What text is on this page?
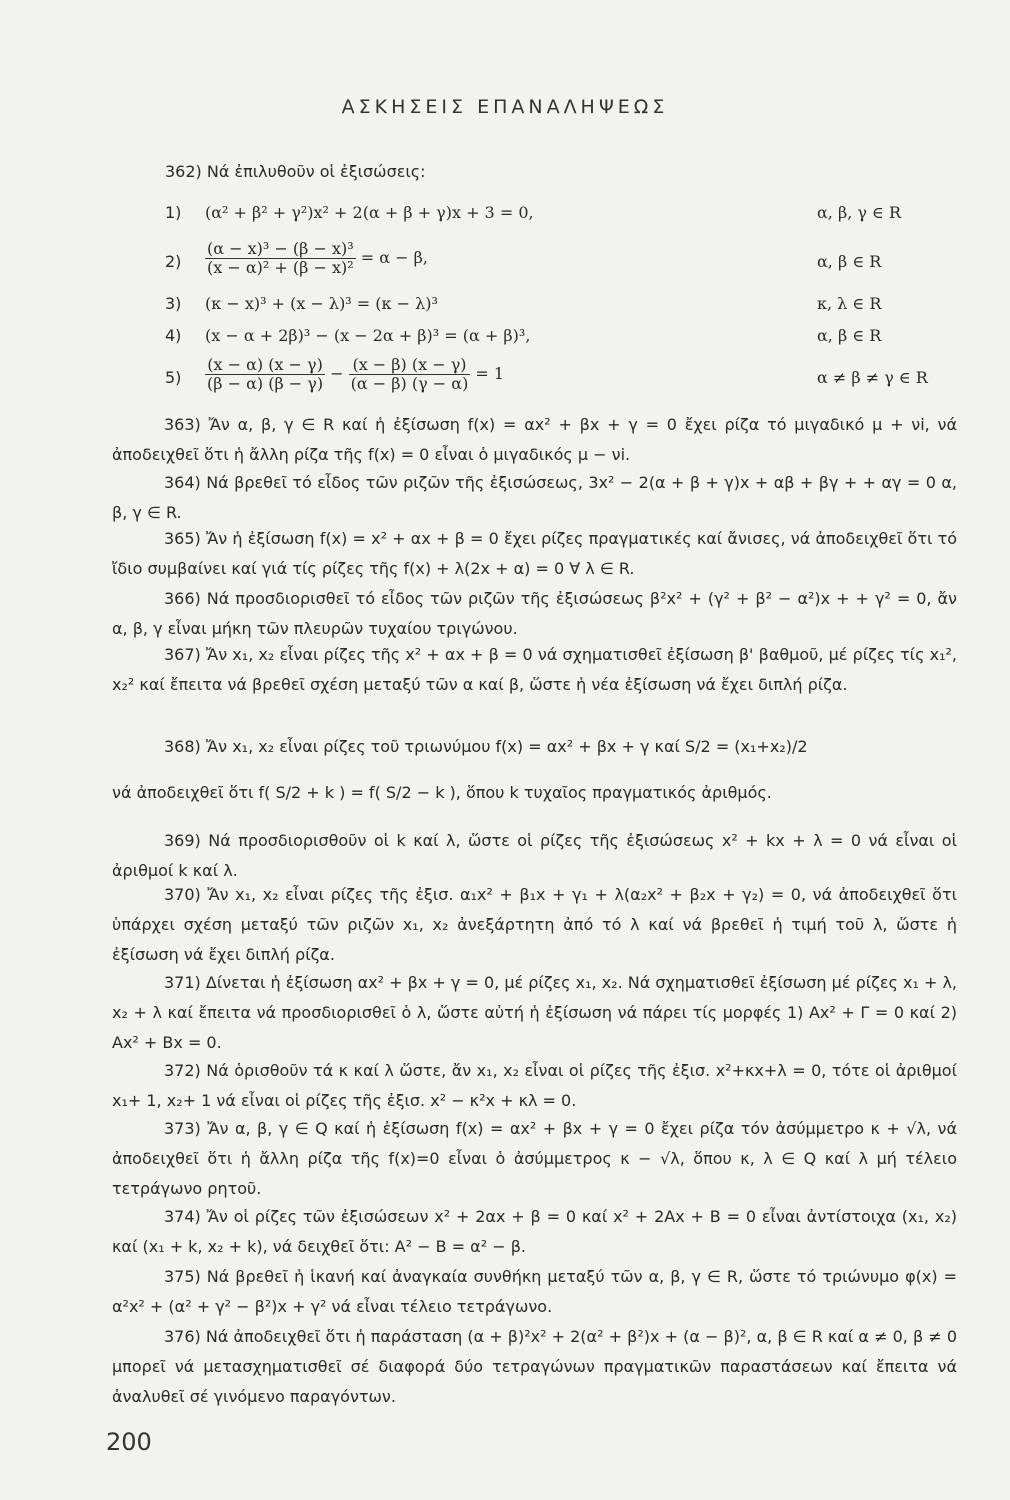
ΑΣΚΗΣΕΙΣ ΕΠΑΝΑΛΗΨΕΩΣ
362) Νά ἐπιλυθοῦν οἱ ἐξισώσεις:
1) (α² + β² + γ²)x² + 2(α + β + γ)x + 3 = 0,	α, β, γ ∈ R
$2) \frac{\text{(α − x)³ − (β − x)³}}{\text{(x − α)² + (β − x)²}} = \alpha - \beta$,	α, β ∈ R
3) (κ − x)³ + (x − λ)³ = (κ − λ)³	κ, λ ∈ R
4) (x − α + 2β)³ − (x − 2α + β)³ = (α + β)³,	α, β ∈ R
$5) \frac{(x - \alpha) (x - \gamma)}{(\beta - \alpha) (\beta - \gamma)} - \frac{(x - \beta) (x - \gamma)}{(\alpha - \beta) (\gamma - \alpha)} = 1$	α ≠ β ≠ γ ∈ R
363) Ἄν α, β, γ ∈ R καί ἡ ἐξίσωση f(x) = αx² + βx + γ = 0 ἔχει ρίζα τό μιγαδικό μ + νi, νά ἀποδειχθεῖ ὅτι ἡ ἄλλη ρίζα τῆς f(x) = 0 εἶναι ὁ μιγαδικός μ − νi.
364) Νά βρεθεῖ τό εἶδος τῶν ριζῶν τῆς ἐξισώσεως, 3x² − 2(α + β + γ)x + αβ + βγ + + αγ = 0 α, β, γ ∈ R.
365) Ἄν ἡ ἐξίσωση f(x) = x² + αx + β = 0 ἔχει ρίζες πραγματικές καί ἄνισες, νά ἀποδειχθεῖ ὅτι τό ἴδιο συμβαίνει καί γιά τίς ρίζες τῆς f(x) + λ(2x + α) = 0 ∀ λ ∈ R.
366) Νά προσδιορισθεῖ τό εἶδος τῶν ριζῶν τῆς ἐξισώσεως β²x² + (γ² + β² − α²)x + + γ² = 0, ἄν α, β, γ εἶναι μήκη τῶν πλευρῶν τυχαίου τριγώνου.
367) Ἄν x₁, x₂ εἶναι ρίζες τῆς x² + αx + β = 0 νά σχηματισθεῖ ἐξίσωση β' βαθμοῦ, μέ ρίζες τίς x₁², x₂² καί ἔπειτα νά βρεθεῖ σχέση μεταξύ τῶν α καί β, ὥστε ἡ νέα ἐξίσωση νά ἔχει διπλή ρίζα.
368) Ἄν x₁, x₂ εἶναι ρίζες τοῦ τριωνύμου f(x) = αx² + βx + γ καί S/2 = (x₁+x₂)/2
νά ἀποδειχθεῖ ὅτι f( S/2 + k ) = f( S/2 − k ), ὅπου k τυχαῖος πραγματικός ἀριθμός.
369) Νά προσδιορισθοῦν οἱ k καί λ, ὥστε οἱ ρίζες τῆς ἐξισώσεως x² + kx + λ = 0 νά εἶναι οἱ ἀριθμοί k καί λ.
370) Ἄν x₁, x₂ εἶναι ρίζες τῆς ἐξισ. α₁x² + β₁x + γ₁ + λ(α₂x² + β₂x + γ₂) = 0, νά ἀποδειχθεῖ ὅτι ὑπάρχει σχέση μεταξύ τῶν ριζῶν x₁, x₂ ἀνεξάρτητη ἀπό τό λ καί νά βρεθεῖ ἡ τιμή τοῦ λ, ὥστε ἡ ἐξίσωση νά ἔχει διπλή ρίζα.
371) Δίνεται ἡ ἐξίσωση αx² + βx + γ = 0, μέ ρίζες x₁, x₂. Νά σχηματισθεῖ ἐξίσωση μέ ρίζες x₁ + λ, x₂ + λ καί ἔπειτα νά προσδιορισθεῖ ὁ λ, ὥστε αὐτή ἡ ἐξίσωση νά πάρει τίς μορφές 1) Αx² + Γ = 0 καί 2) Αx² + Βx = 0.
372) Νά ὁρισθοῦν τά κ καί λ ὥστε, ἄν x₁, x₂ εἶναι οἱ ρίζες τῆς ἐξισ. x²+κx+λ = 0, τότε οἱ ἀριθμοί x₁+ 1, x₂+ 1 νά εἶναι οἱ ρίζες τῆς ἐξισ. x² − κ²x + κλ = 0.
373) Ἄν α, β, γ ∈ Q καί ἡ ἐξίσωση f(x) = αx² + βx + γ = 0 ἔχει ρίζα τόν ἀσύμμετρο κ + √λ, νά ἀποδειχθεῖ ὅτι ἡ ἄλλη ρίζα τῆς f(x)=0 εἶναι ὁ ἀσύμμετρος κ − √λ, ὅπου κ, λ ∈ Q καί λ μή τέλειο τετράγωνο ρητοῦ.
374) Ἄν οἱ ρίζες τῶν ἐξισώσεων x² + 2αx + β = 0 καί x² + 2Αx + Β = 0 εἶναι ἀντίστοιχα (x₁, x₂) καί (x₁ + k, x₂ + k), νά δειχθεῖ ὅτι: Α² − Β = α² − β.
375) Νά βρεθεῖ ἡ ἱκανή καί ἀναγκαία συνθήκη μεταξύ τῶν α, β, γ ∈ R, ὥστε τό τριώνυμο φ(x) = α²x² + (α² + γ² − β²)x + γ² νά εἶναι τέλειο τετράγωνο.
376) Νά ἀποδειχθεῖ ὅτι ἡ παράσταση (α + β)²x² + 2(α² + β²)x + (α − β)², α, β ∈ R καί α ≠ 0, β ≠ 0 μπορεῖ νά μετασχηματισθεῖ σέ διαφορά δύο τετραγώνων πραγματικῶν παραστάσεων καί ἔπειτα νά ἀναλυθεῖ σέ γινόμενο παραγόντων.
200
